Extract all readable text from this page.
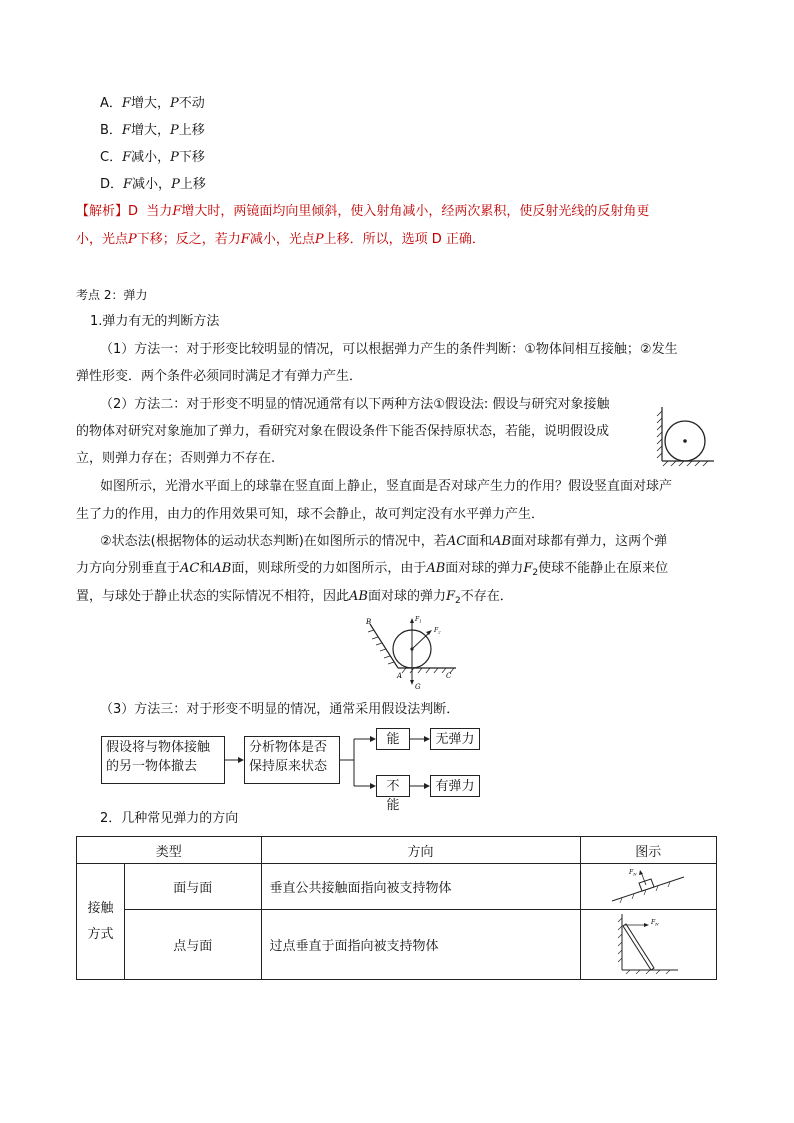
A．F增大，P不动
B．F增大，P上移
C．F减小，P下移
D．F减小，P上移
【解析】D 当力F增大时，两镜面均向里倾斜，使入射角减小，经两次累积，使反射光线的反射角更
小，光点P下移；反之，若力F减小，光点P上移．所以，选项 D 正确．
考点 2：弹力
1.弹力有无的判断方法
（1）方法一：对于形变比较明显的情况，可以根据弹力产生的条件判断：①物体间相互接触；②发生
弹性形变．两个条件必须同时满足才有弹力产生．
（2）方法二：对于形变不明显的情况通常有以下两种方法①假设法: 假设与研究对象接触
的物体对研究对象施加了弹力，看研究对象在假设条件下能否保持原状态，若能，说明假设成
立，则弹力存在；否则弹力不存在.
如图所示，光滑水平面上的球靠在竖直面上静止，竖直面是否对球产生力的作用？假设竖直面对球产
生了力的作用，由力的作用效果可知，球不会静止，故可判定没有水平弹力产生．
②状态法(根据物体的运动状态判断)在如图所示的情况中，若AC面和AB面对球都有弹力，这两个弹
力方向分别垂直于AC和AB面，则球所受的力如图所示，由于AB面对球的弹力$F_2$使球不能静止在原来位
置，与球处于静止状态的实际情况不相符，因此AB面对球的弹力$F_2$不存在．
B	$F_1$
$F_2$
A
G
C
（3）方法三：对于形变不明显的情况，通常采用假设法判断．
假设将与物体接触
的另一物体撤去
分析物体是否
保持原来状态
能	无弹力
不能
有弹力
2．几种常见弹力的方向
类型		方向	图示

接触
方式	面与面	垂直公共接触面指向被支持物体	$F_N$

	点与面	过点垂直于面指向被支持物体	$F_N$
